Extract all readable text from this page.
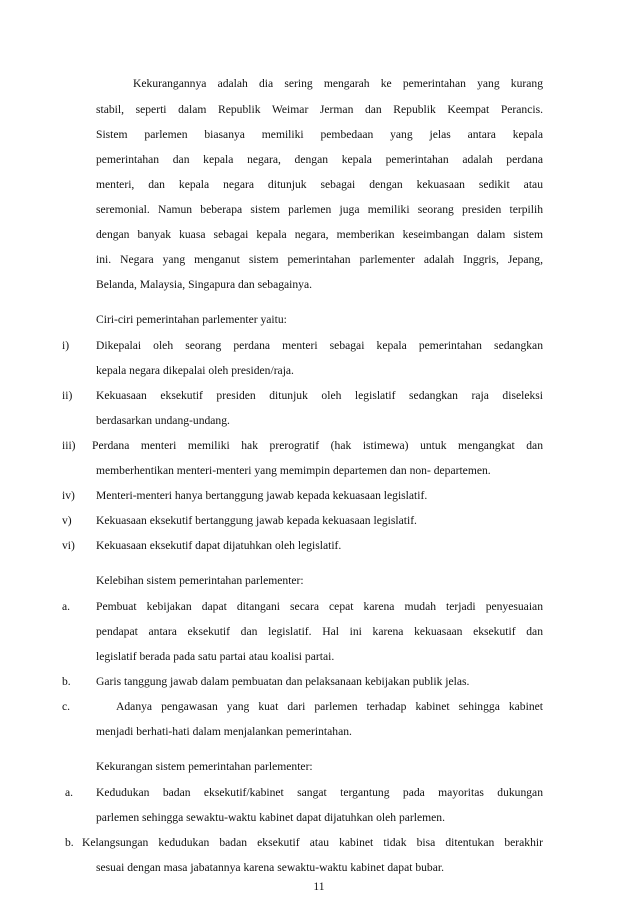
Kekurangannya adalah dia sering mengarah ke pemerintahan yang kurang
stabil, seperti dalam Republik Weimar Jerman dan Republik Keempat Perancis.
Sistem parlemen biasanya memiliki pembedaan yang jelas antara kepala
pemerintahan dan kepala negara, dengan kepala pemerintahan adalah perdana
menteri, dan kepala negara ditunjuk sebagai dengan kekuasaan sedikit atau
seremonial. Namun beberapa sistem parlemen juga memiliki seorang presiden terpilih
dengan banyak kuasa sebagai kepala negara, memberikan keseimbangan dalam sistem
ini. Negara yang menganut sistem pemerintahan parlementer adalah Inggris, Jepang,
Belanda, Malaysia, Singapura dan sebagainya.
Ciri-ciri pemerintahan parlementer yaitu:
i) Dikepalai oleh seorang perdana menteri sebagai kepala pemerintahan sedangkan
kepala negara dikepalai oleh presiden/raja.
ii) Kekuasaan eksekutif presiden ditunjuk oleh legislatif sedangkan raja diseleksi
berdasarkan undang-undang.
iii) Perdana menteri memiliki hak prerogratif (hak istimewa) untuk mengangkat dan
memberhentikan menteri-menteri yang memimpin departemen dan non- departemen.
iv) Menteri-menteri hanya bertanggung jawab kepada kekuasaan legislatif.
v) Kekuasaan eksekutif bertanggung jawab kepada kekuasaan legislatif.
vi) Kekuasaan eksekutif dapat dijatuhkan oleh legislatif.
Kelebihan sistem pemerintahan parlementer:
a. Pembuat kebijakan dapat ditangani secara cepat karena mudah terjadi penyesuaian
pendapat antara eksekutif dan legislatif. Hal ini karena kekuasaan eksekutif dan
legislatif berada pada satu partai atau koalisi partai.
b. Garis tanggung jawab dalam pembuatan dan pelaksanaan kebijakan publik jelas.
c.	Adanya pengawasan yang kuat dari parlemen terhadap kabinet sehingga kabinet
menjadi berhati-hati dalam menjalankan pemerintahan.
Kekurangan sistem pemerintahan parlementer:
a. Kedudukan badan eksekutif/kabinet sangat tergantung pada mayoritas dukungan
parlemen sehingga sewaktu-waktu kabinet dapat dijatuhkan oleh parlemen.
b. Kelangsungan kedudukan badan eksekutif atau kabinet tidak bisa ditentukan berakhir
sesuai dengan masa jabatannya karena sewaktu-waktu kabinet dapat bubar.
11
